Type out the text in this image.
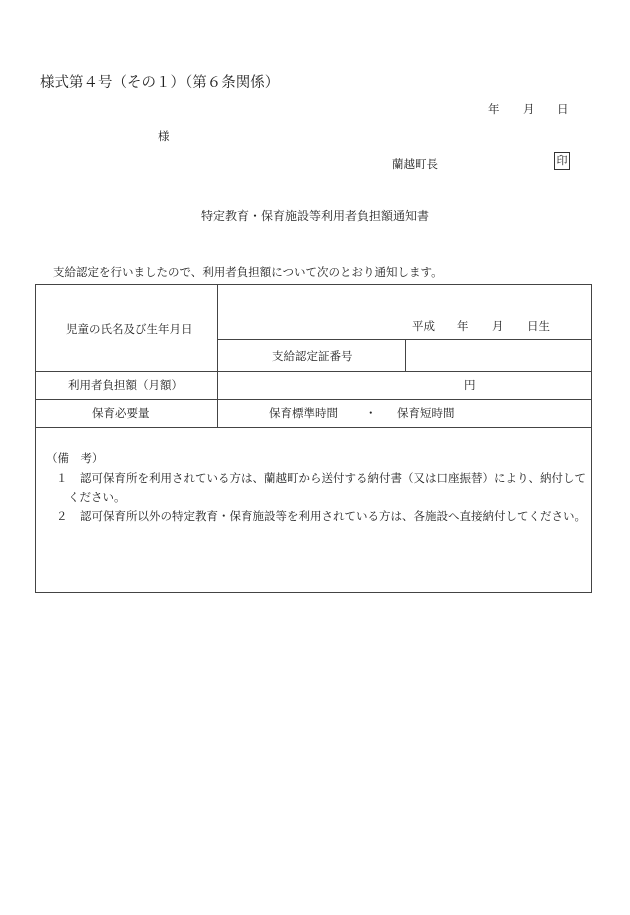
様式第４号（その１）（第６条関係）
年 月 日
様
蘭越町長	印
特定教育・保育施設等利用者負担額通知書
支給認定を行いましたので、利用者負担額について次のとおり通知します。
児童の氏名及び生年月日	平成 年 月 日生
支給認定証番号
利用者負担額（月額）	円
保育必要量	保育標準時間 ・ 保育短時間
（備　考）
１ 認可保育所を利用されている方は、蘭越町から送付する納付書（又は口座振替）により、納付して
ください。
２ 認可保育所以外の特定教育・保育施設等を利用されている方は、各施設へ直接納付してください。
